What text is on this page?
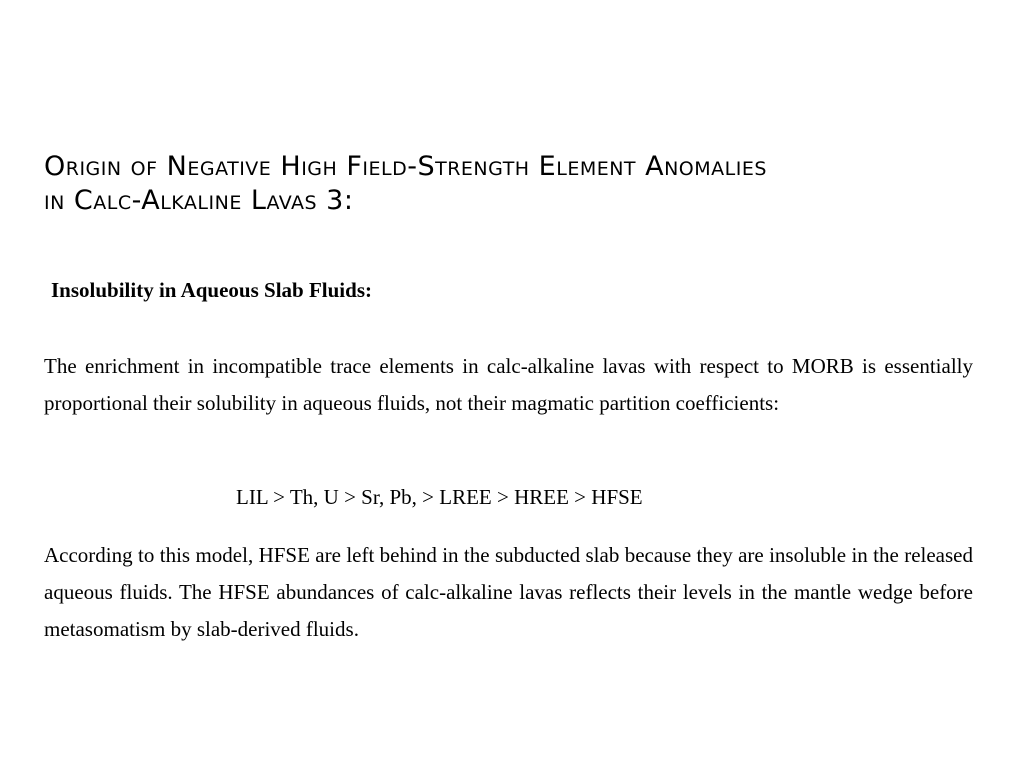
Origin of Negative High Field-Strength Element Anomalies
in Calc-Alkaline Lavas 3:
Insolubility in Aqueous Slab Fluids:

The enrichment in incompatible trace elements in calc-alkaline lavas with respect to MORB is essentially proportional their solubility in aqueous fluids, not their magmatic partition coefficients:

LIL > Th, U > Sr, Pb, > LREE > HREE > HFSE

According to this model, HFSE are left behind in the subducted slab because they are insoluble in the released aqueous fluids. The HFSE abundances of calc-alkaline lavas reflects their levels in the mantle wedge before metasomatism by slab-derived fluids.
